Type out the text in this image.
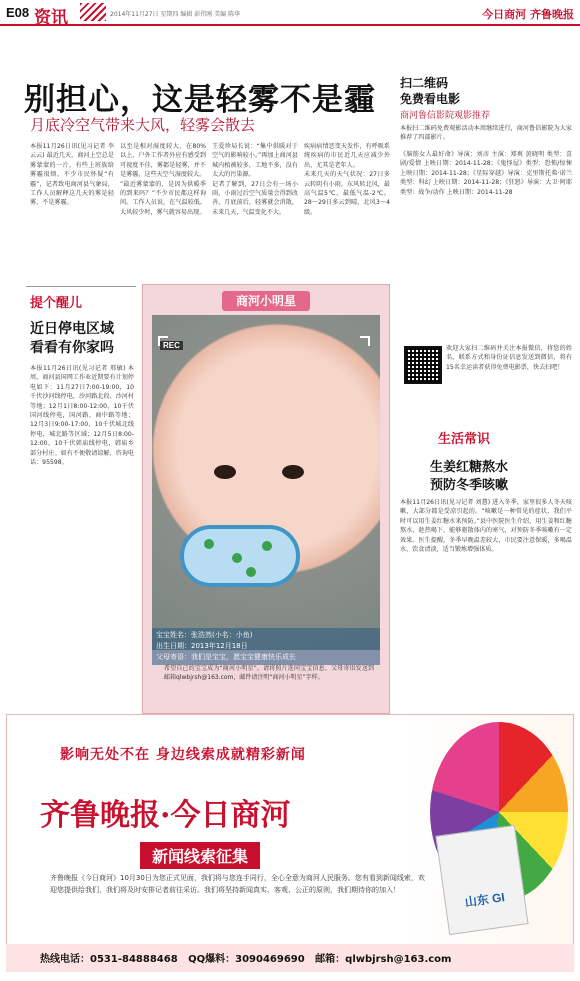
E08 资讯	2014年11月27日 星期四 编辑 彭伟刚 美编 陈华	今日商河 齐鲁晚报
别担心，这是轻雾不是霾
月底冷空气带来大风，轻雾会散去
本报11月26日讯(见习记者 李云云) 最近几天，商河上空总是雾蒙蒙的一片，有些上班族给雾霾很烦，不少市民怀疑“有霾”，记者致电商河县气象局，工作人员解释这几天的雾是轻雾，不是雾霾。
以至是相对湿度较大，在80%以上，户外工作者外应有感受到可视度不佳，雾都是轻雾，并不是雾霾，这些天空气湿度较大。
“最近雾蒙蒙的，是因为供暖季的到来吗？”不少市民都这样询问。工作人员说，在气温较低、大风较少时，雾气就容易出现。
王爱珍局长说：“集中供暖对于空气的影响较小。”再加上商河县城内植被较多，工地不多，没有太大的污染源。
记者了解到，27日会有一场小雨，小雨过后空气质量会得到改善，月底前后，轻雾就会消散，未来几天，气温变化不大。
疾病病情恶变天发作，有呼吸系统疾病的市民近几天应减少外出，尤其是老年人。
未来几天的天气状况：27日多云转阴有小雨，东风转北风，最高气温5℃，最低气温-2℃。28～29日多云到晴，北风3～4级。
提个醒儿
近日停电区域
看看有你家吗
本报11月26日讯(见习记者 邢敏) 本周，商河县国网工作业近期要有计划停电如下：11月27日7:00-19:00，10千伏沙河线停电，沙河路北段、沙河村等地；12月1日8:00-12:00，10千伏国河线停电，国河路、商中路等地；12月3日9:00-17:00，10千伏城北线停电，城北路等区域；12月5日8:00-12:00，10千伏韩庙线停电，韩庙乡部分村庄。如有不便敬请谅解，咨询电话：95598。
商河小明星
REC
宝宝姓名：张浩然(小名：小鱼)
出生日期：2013年12月18日
父母寄语：我们是宝宝，愿宝宝健康快乐成长
希望自己的宝宝成为“商河小明星”，请将照片连同宝宝信息、父母寄语发送到邮箱qlwbjrsh@163.com，邮件请注明“商河小明星”字样。
扫二维码
免费看电影
商河鲁信影院观影推荐
本报扫二维码免费观影活动本周继续进行，商河鲁信影院为大家推荐了四部影片。
《脑筋女人最好命》导演：刘彦 主演：郑爽 黄晓明 类型：喜剧/爱情 上映日期：2014-11-28；《鬼怪屋》类型：恐怖/惊悚 上映日期：2014-11-28；《星际穿越》导演：克里斯托弗·诺兰 类型：科幻 上映日期：2014-11-28；《狂怒》导演：大卫·阿耶 类型：战争/动作 上映日期：2014-11-28
欢迎大家扫二维码并关注本报微信，将您的姓名、联系方式和身份证信息发送到微信，将有15名幸运读者获得免费电影票，快去扫吧！
生活常识
生姜红糖熬水
预防冬季咳嗽
本报11月26日讯(见习记者 刘慧) 进入冬季，家里很多人冬天咳嗽，大部分都是受凉引起的。“咳嗽是一种常见的症状，我们平时可以用生姜红糖水来预防。”县中医院医生介绍，用生姜和红糖熬水，趁热喝下，能够驱散体内的寒气，对预防冬季咳嗽有一定效果。医生提醒，冬季早晚温差较大，市民要注意保暖，多喝温水，饮食清淡，适当锻炼增强体质。
山东 GI
影响无处不在 身边线索成就精彩新闻
齐鲁晚报·今日商河
新闻线索征集
齐鲁晚报《今日商河》10月30日为您正式见面，我们将与您连手同行，全心全意为商河人民服务。您有看到新闻线索，欢迎您提供给我们，我们将及时安排记者前往采访。我们将坚持新闻真实、客观、公正的原则，我们期待你的加入！
热线电话：0531-84888468 QQ爆料：3090469690 邮箱：qlwbjrsh@163.com
